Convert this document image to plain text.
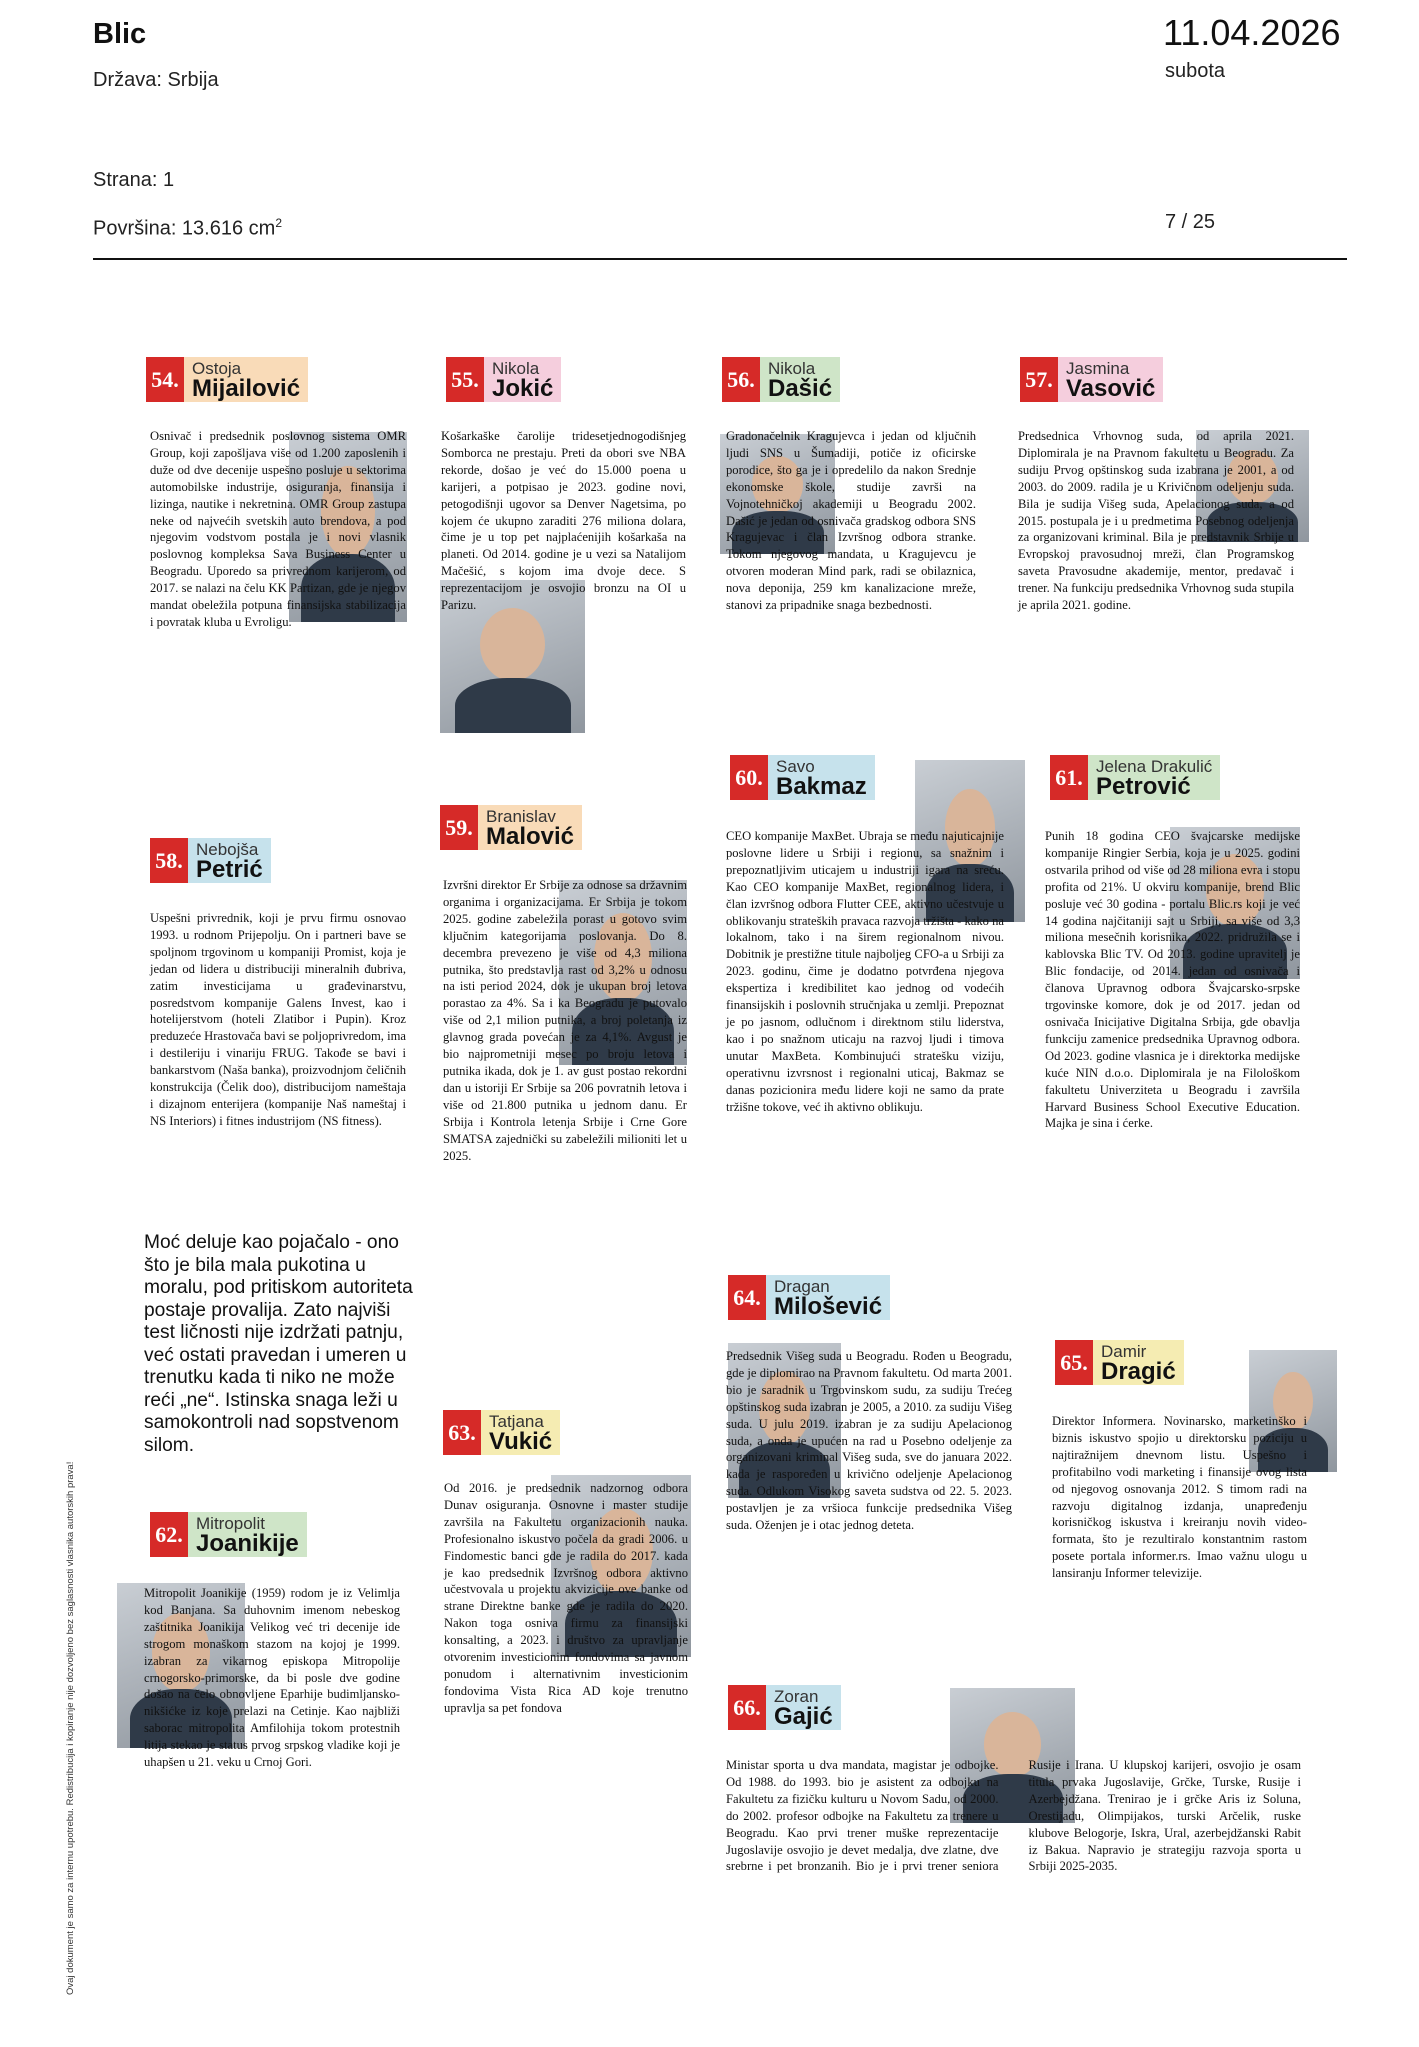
Blic
Država: Srbija
Strana: 1
Površina: 13.616 $cm^2$
11.04.2026
subota
7 / 25
Ovaj dokument je samo za internu upotrebu. Redistribucija i kopiranje nije dozvoljeno bez saglasnosti vlasnika autorskih prava!
54. Ostoja
Mijailović
Osnivač i predsednik poslovnog sistema OMR Group, koji zapošljava više od 1.200 zaposlenih i duže od dve decenije uspešno posluje u sektorima automobilske industrije, osiguranja, finansija i lizinga, nautike i nekretnina. OMR Group zastupa neke od najvećih svetskih auto brendova, a pod njegovim vodstvom postala je i novi vlasnik poslovnog kompleksa Sava Business Center u Beogradu. Uporedo sa privrednom karijerom, od 2017. se nalazi na čelu KK Partizan, gde je njegov mandat obeležila potpuna finansijska stabilizacija i povratak kluba u Evroligu.
55. Nikola
Jokić
Košarkaške čarolije tridesetjednogodišnjeg Somborca ne prestaju. Preti da obori sve NBA rekorde, došao je već do 15.000 poena u karijeri, a potpisao je 2023. godine novi, petogodišnji ugovor sa Denver Nagetsima, po kojem će ukupno zaraditi 276 miliona dolara, čime je u top pet najplaćenijih košarkaša na planeti. Od 2014. godine je u vezi sa Natalijom Mačešić, s kojom ima dvoje dece. S reprezentacijom je osvojio bronzu na OI u Parizu.
56. Nikola
Dašić
Gradonačelnik Kragujevca i jedan od ključnih ljudi SNS u Šumadiji, potiče iz oficirske porodice, što ga je i opredelilo da nakon Srednje ekonomske škole, studije završi na Vojnotehničkoj akademiji u Beogradu 2002. Dašić je jedan od osnivača gradskog odbora SNS Kragujevac i član Izvršnog odbora stranke. Tokom njegovog mandata, u Kragujevcu je otvoren moderan Mind park, radi se obilaznica, nova deponija, 259 km kanalizacione mreže, stanovi za pripadnike snaga bezbednosti.
57. Jasmina
Vasović
Predsednica Vrhovnog suda, od aprila 2021. Diplomirala je na Pravnom fakultetu u Beogradu. Za sudiju Prvog opštinskog suda izabrana je 2001, a od 2003. do 2009. radila je u Krivičnom odeljenju suda. Bila je sudija Višeg suda, Apelacionog suda, a od 2015. postupala je i u predmetima Posebnog odeljenja za organizovani kriminal. Bila je predstavnik Srbije u Evropskoj pravosudnoj mreži, član Programskog saveta Pravosudne akademije, mentor, predavač i trener. Na funkciju predsednika Vrhovnog suda stupila je aprila 2021. godine.
58. Nebojša
Petrić
Uspešni privrednik, koji je prvu firmu osnovao 1993. u rodnom Prijepolju. On i partneri bave se spoljnom trgovinom u kompaniji Promist, koja je jedan od lidera u distribuciji mineralnih đubriva, zatim investicijama u građevinarstvu, posredstvom kompanije Galens Invest, kao i hotelijerstvom (hoteli Zlatibor i Pupin). Kroz preduzeće Hrastovača bavi se poljoprivredom, ima i destileriju i vinariju FRUG. Takođe se bavi i bankarstvom (Naša banka), proizvodnjom čeličnih konstrukcija (Čelik doo), distribucijom nameštaja i dizajnom enterijera (kompanije Naš nameštaj i NS Interiors) i fitnes industrijom (NS fitness).
Moć deluje kao pojačalo - ono što je bila mala pukotina u moralu, pod pritiskom autoriteta postaje provalija. Zato najviši test ličnosti nije izdržati patnju, već ostati pravedan i umeren u trenutku kada ti niko ne može reći „ne“. Istinska snaga leži u samokontroli nad sopstvenom silom.
59. Branislav
Malović
Izvršni direktor Er Srbije za odnose sa državnim organima i organizacijama. Er Srbija je tokom 2025. godine zabeležila porast u gotovo svim ključnim kategorijama poslovanja. Do 8. decembra prevezeno je više od 4,3 miliona putnika, što predstavlja rast od 3,2% u odnosu na isti period 2024, dok je ukupan broj letova porastao za 4%. Sa i ka Beogradu je putovalo više od 2,1 milion putnika, a broj poletanja iz glavnog grada povećan je za 4,1%. Avgust je bio najprometniji mesec po broju letova i putnika ikada, dok je 1. av gust postao rekordni dan u istoriji Er Srbije sa 206 povratnih letova i više od 21.800 putnika u jednom danu. Er Srbija i Kontrola letenja Srbije i Crne Gore SMATSA zajednički su zabeležili milioniti let u 2025.
60. Savo
Bakmaz
CEO kompanije MaxBet. Ubraja se među najuticajnije poslovne lidere u Srbiji i regionu, sa snažnim i prepoznatljivim uticajem u industriji igara na sreću. Kao CEO kompanije MaxBet, regionalnog lidera, i član izvršnog odbora Flutter CEE, aktivno učestvuje u oblikovanju strateških pravaca razvoja tržišta - kako na lokalnom, tako i na širem regionalnom nivou. Dobitnik je prestižne titule najboljeg CFO-a u Srbiji za 2023. godinu, čime je dodatno potvrđena njegova ekspertiza i kredibilitet kao jednog od vodećih finansijskih i poslovnih stručnjaka u zemlji. Prepoznat je po jasnom, odlučnom i direktnom stilu liderstva, kao i po snažnom uticaju na razvoj ljudi i timova unutar MaxBeta. Kombinujući stratešku viziju, operativnu izvrsnost i regionalni uticaj, Bakmaz se danas pozicionira među lidere koji ne samo da prate tržišne tokove, već ih aktivno oblikuju.
61. Jelena Drakulić
Petrović
Punih 18 godina CEO švajcarske medijske kompanije Ringier Serbia, koja je u 2025. godini ostvarila prihod od više od 28 miliona evra i stopu profita od 21%. U okviru kompanije, brend Blic posluje već 30 godina - portalu Blic.rs koji je već 14 godina najčitaniji sajt u Srbiji, sa više od 3,3 miliona mesečnih korisnika, 2022. pridružila se i kablovska Blic TV. Od 2013. godine upravitelj je Blic fondacije, od 2014. jedan od osnivača i članova Upravnog odbora Švajcarsko-srpske trgovinske komore, dok je od 2017. jedan od osnivača Inicijative Digitalna Srbija, gde obavlja funkciju zamenice predsednika Upravnog odbora. Od 2023. godine vlasnica je i direktorka medijske kuće NIN d.o.o. Diplomirala je na Filološkom fakultetu Univerziteta u Beogradu i završila Harvard Business School Executive Education. Majka je sina i ćerke.
62. Mitropolit
Joanikije
Mitropolit Joanikije (1959) rodom je iz Velimlja kod Banjana. Sa duhovnim imenom nebeskog zaštitnika Joanikija Velikog već tri decenije ide strogom monaškom stazom na kojoj je 1999. izabran za vikarnog episkopa Mitropolije crnogorsko-primorske, da bi posle dve godine došao na čelo obnovljene Eparhije budimljansko-nikšićke iz koje prelazi na Cetinje. Kao najbliži saborac mitropolita Amfilohija tokom protestnih litija stekao je status prvog srpskog vladike koji je uhapšen u 21. veku u Crnoj Gori.
63. Tatjana
Vukić
Od 2016. je predsednik nadzornog odbora Dunav osiguranja. Osnovne i master studije završila na Fakultetu organizacionih nauka. Profesionalno iskustvo počela da gradi 2006. u Findomestic banci gde je radila do 2017. kada je kao predsednik Izvršnog odbora aktivno učestvovala u projektu akvizicije ove banke od strane Direktne banke gde je radila do 2020. Nakon toga osniva firmu za finansijski konsalting, a 2023. i društvo za upravljanje otvorenim investicionim fondovima sa javnom ponudom i alternativnim investicionim fondovima Vista Rica AD koje trenutno upravlja sa pet fondova
64. Dragan
Milošević
Predsednik Višeg suda u Beogradu. Rođen u Beogradu, gde je diplomirao na Pravnom fakultetu. Od marta 2001. bio je saradnik u Trgovinskom sudu, za sudiju Trećeg opštinskog suda izabran je 2005, a 2010. za sudiju Višeg suda. U julu 2019. izabran je za sudiju Apelacionog suda, a onda je upućen na rad u Posebno odeljenje za organizovani kriminal Višeg suda, sve do januara 2022. kada je raspoređen u krivično odeljenje Apelacionog suda. Odlukom Visokog saveta sudstva od 22. 5. 2023. postavljen je za vršioca funkcije predsednika Višeg suda. Oženjen je i otac jednog deteta.
65. Damir
Dragić
Direktor Informera. Novinarsko, marketinško i biznis iskustvo spojio u direktorsku poziciju u najtiražnijem dnevnom listu. Uspešno i profitabilno vodi marketing i finansije ovog lista od njegovog osnovanja 2012. S timom radi na razvoju digitalnog izdanja, unapređenju korisničkog iskustva i kreiranju novih video-formata, što je rezultiralo konstantnim rastom posete portala informer.rs. Imao važnu ulogu u lansiranju Informer televizije.
66. Zoran
Gajić
Ministar sporta u dva mandata, magistar je odbojke. Od 1988. do 1993. bio je asistent za odbojku na Fakultetu za fizičku kulturu u Novom Sadu, od 2000. do 2002. profesor odbojke na Fakultetu za trenere u Beogradu. Kao prvi trener muške reprezentacije Jugoslavije osvojio je devet medalja, dve zlatne, dve srebrne i pet bronzanih. Bio je i prvi trener seniora Rusije i Irana. U klupskoj karijeri, osvojio je osam titula prvaka Jugoslavije, Grčke, Turske, Rusije i Azerbejdžana. Trenirao je i grčke Aris iz Soluna, Orestijadu, Olimpijakos, turski Arčelik, ruske klubove Belogorje, Iskra, Ural, azerbejdžanski Rabit iz Bakua. Napravio je strategiju razvoja sporta u Srbiji 2025-2035.
